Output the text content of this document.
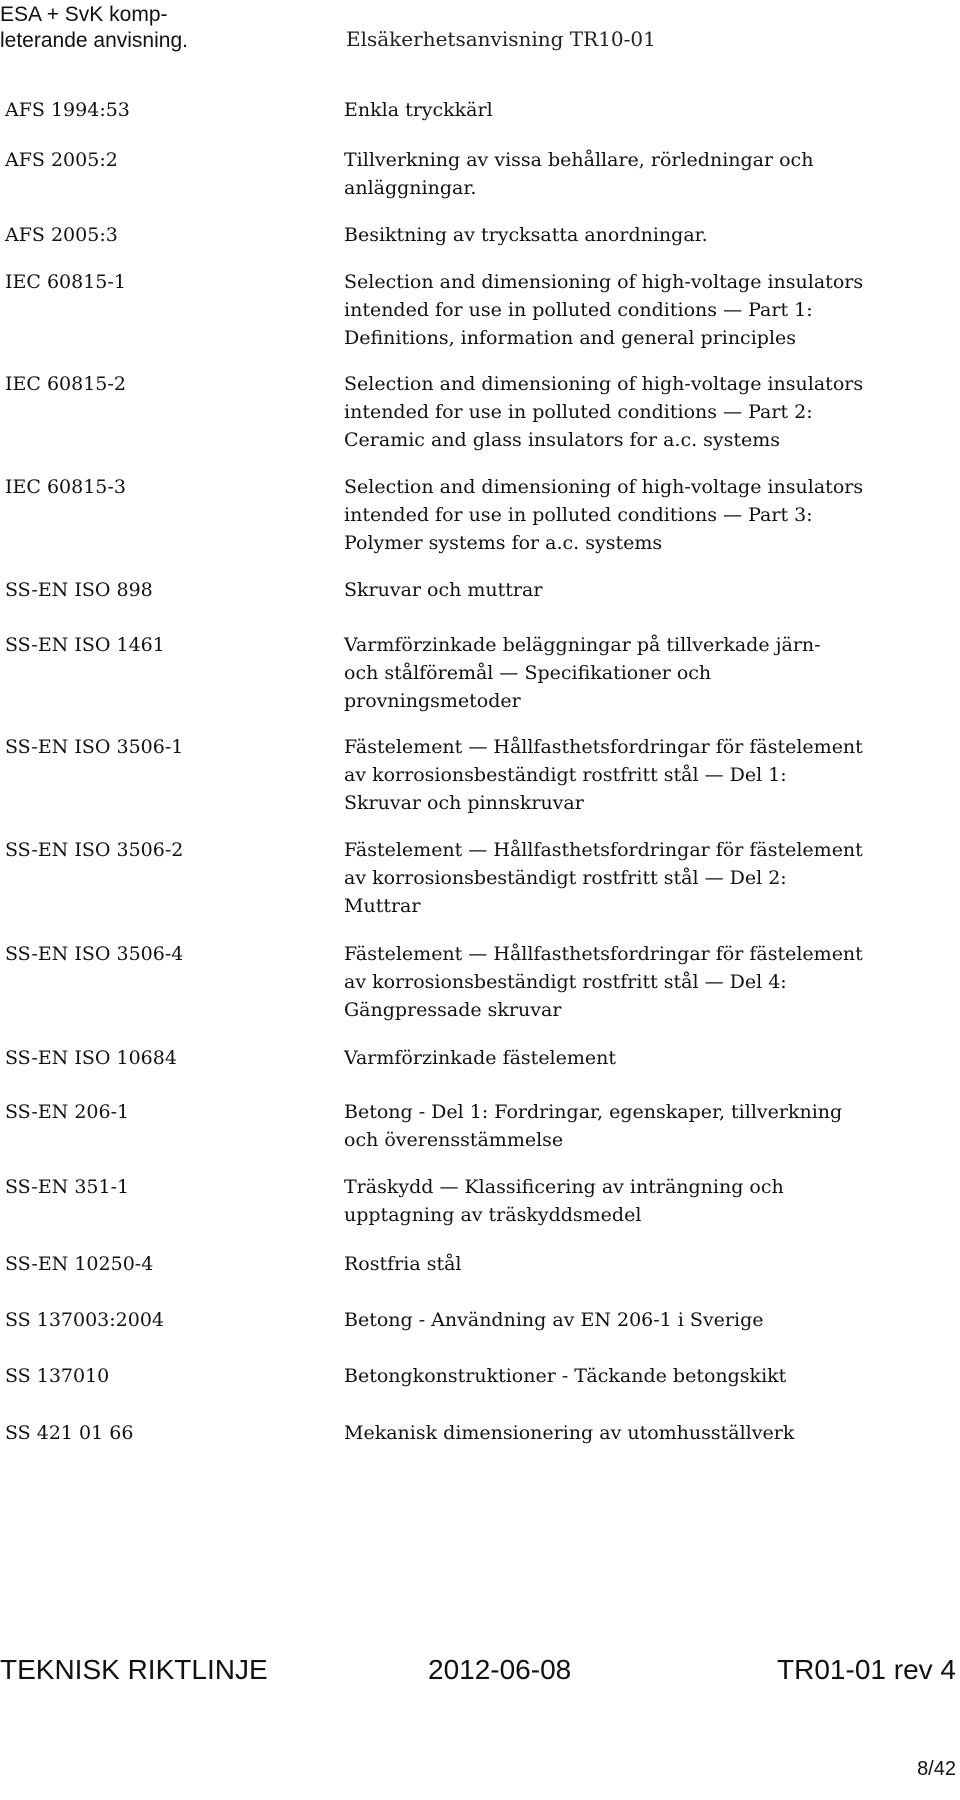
ESA + SvK komp-
leterande anvisning.	Elsäkerhetsanvisning TR10-01
AFS 1994:53	Enkla tryckkärl
AFS 2005:2	Tillverkning av vissa behållare, rörledningar och
anläggningar.
AFS 2005:3	Besiktning av trycksatta anordningar.
IEC 60815-1	Selection and dimensioning of high-voltage insulators
intended for use in polluted conditions — Part 1:
Definitions, information and general principles
IEC 60815-2	Selection and dimensioning of high-voltage insulators
intended for use in polluted conditions — Part 2:
Ceramic and glass insulators for a.c. systems
IEC 60815-3	Selection and dimensioning of high-voltage insulators
intended for use in polluted conditions — Part 3:
Polymer systems for a.c. systems
SS-EN ISO 898	Skruvar och muttrar
SS-EN ISO 1461	Varmförzinkade beläggningar på tillverkade järn-
och stålföremål — Specifikationer och
provningsmetoder
SS-EN ISO 3506-1	Fästelement — Hållfasthetsfordringar för fästelement
av korrosionsbeständigt rostfritt stål — Del 1:
Skruvar och pinnskruvar
SS-EN ISO 3506-2	Fästelement — Hållfasthetsfordringar för fästelement
av korrosionsbeständigt rostfritt stål — Del 2:
Muttrar
SS-EN ISO 3506-4	Fästelement — Hållfasthetsfordringar för fästelement
av korrosionsbeständigt rostfritt stål — Del 4:
Gängpressade skruvar
SS-EN ISO 10684	Varmförzinkade fästelement
SS-EN 206-1	Betong - Del 1: Fordringar, egenskaper, tillverkning
och överensstämmelse
SS-EN 351-1	Träskydd — Klassificering av inträngning och
upptagning av träskyddsmedel
SS-EN 10250-4	Rostfria stål
SS 137003:2004	Betong - Användning av EN 206-1 i Sverige
SS 137010	Betongkonstruktioner - Täckande betongskikt
SS 421 01 66	Mekanisk dimensionering av utomhusställverk
TEKNISK RIKTLINJE	2012-06-08	TR01-01 rev 4
8/42
